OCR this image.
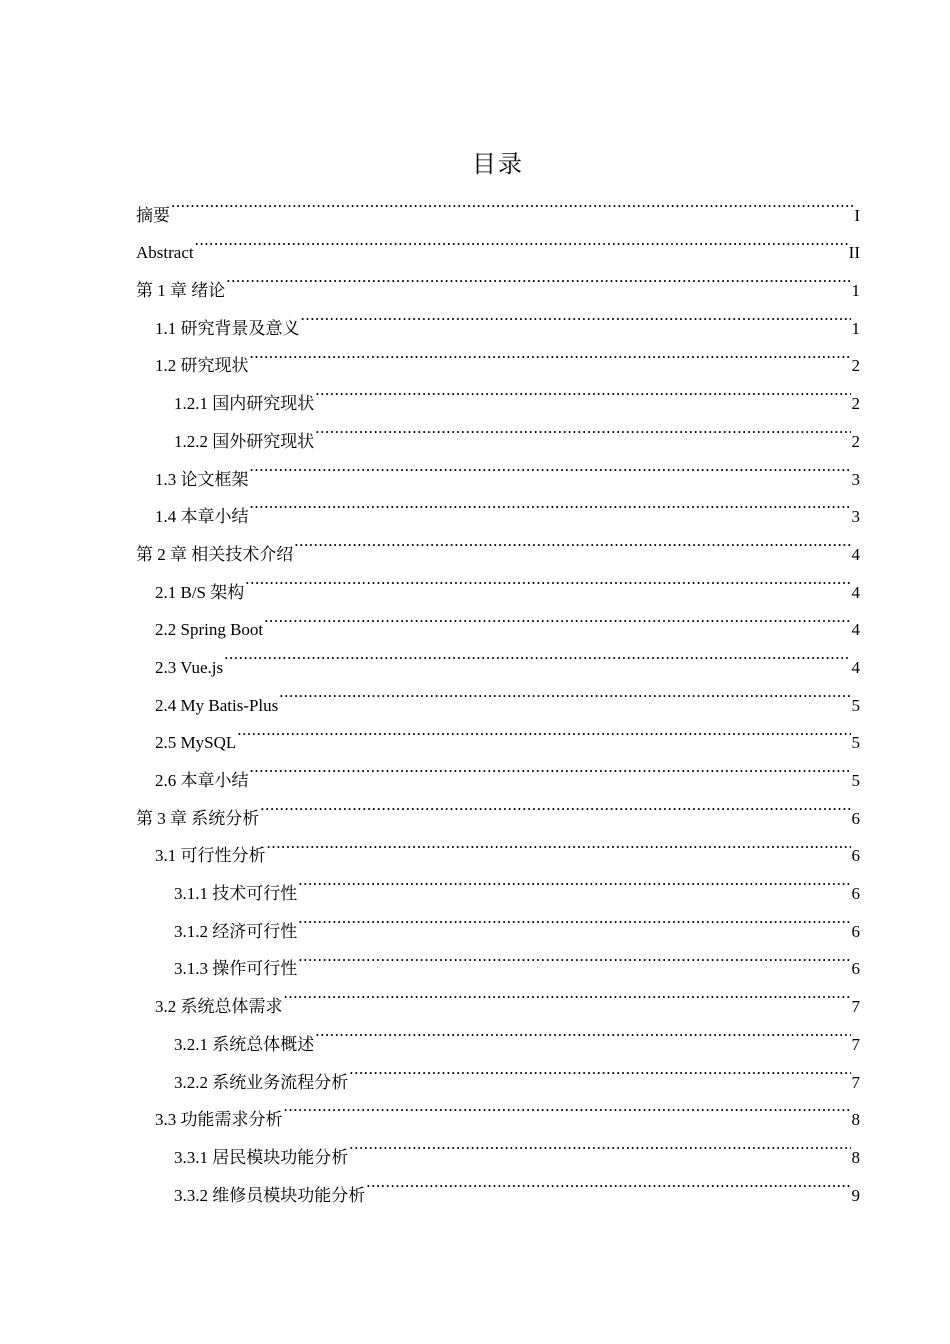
目录
摘要 .....	I
Abstract .....	II
第 1 章 绪论 .....	1
1.1 研究背景及意义 .....	1
1.2 研究现状 .....	2
1.2.1 国内研究现状 .....	2
1.2.2 国外研究现状 .....	2
1.3 论文框架 .....	3
1.4 本章小结 .....	3
第 2 章 相关技术介绍 .....	4
2.1 B/S 架构 .....	4
2.2 Spring Boot .....	4
2.3 Vue.js .....	4
2.4 My Batis-Plus .....	5
2.5 MySQL .....	5
2.6 本章小结 .....	5
第 3 章 系统分析 .....	6
3.1 可行性分析 .....	6
3.1.1 技术可行性 .....	6
3.1.2 经济可行性 .....	6
3.1.3 操作可行性 .....	6
3.2 系统总体需求 .....	7
3.2.1 系统总体概述 .....	7
3.2.2 系统业务流程分析 .....	7
3.3 功能需求分析 .....	8
3.3.1 居民模块功能分析 .....	8
3.3.2 维修员模块功能分析 .....	9
